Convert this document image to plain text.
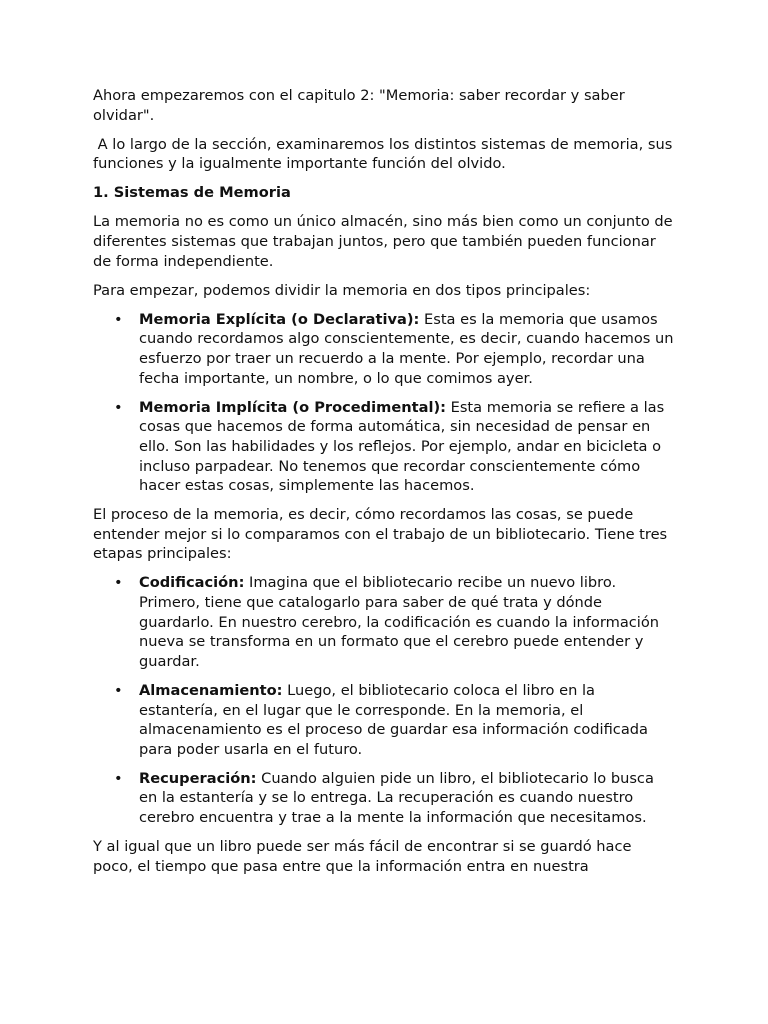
Ahora empezaremos con el capitulo 2: "Memoria: saber recordar y saber olvidar".

A lo largo de la sección, examinaremos los distintos sistemas de memoria, sus funciones y la igualmente importante función del olvido.

1. Sistemas de Memoria

La memoria no es como un único almacén, sino más bien como un conjunto de diferentes sistemas que trabajan juntos, pero que también pueden funcionar de forma independiente.

Para empezar, podemos dividir la memoria en dos tipos principales:

• Memoria Explícita (o Declarativa): Esta es la memoria que usamos cuando recordamos algo conscientemente, es decir, cuando hacemos un esfuerzo por traer un recuerdo a la mente. Por ejemplo, recordar una fecha importante, un nombre, o lo que comimos ayer.
• Memoria Implícita (o Procedimental): Esta memoria se refiere a las cosas que hacemos de forma automática, sin necesidad de pensar en ello. Son las habilidades y los reflejos. Por ejemplo, andar en bicicleta o incluso parpadear. No tenemos que recordar conscientemente cómo hacer estas cosas, simplemente las hacemos.

El proceso de la memoria, es decir, cómo recordamos las cosas, se puede entender mejor si lo comparamos con el trabajo de un bibliotecario. Tiene tres etapas principales:

• Codificación: Imagina que el bibliotecario recibe un nuevo libro. Primero, tiene que catalogarlo para saber de qué trata y dónde guardarlo. En nuestro cerebro, la codificación es cuando la información nueva se transforma en un formato que el cerebro puede entender y guardar.
• Almacenamiento: Luego, el bibliotecario coloca el libro en la estantería, en el lugar que le corresponde. En la memoria, el almacenamiento es el proceso de guardar esa información codificada para poder usarla en el futuro.
• Recuperación: Cuando alguien pide un libro, el bibliotecario lo busca en la estantería y se lo entrega. La recuperación es cuando nuestro cerebro encuentra y trae a la mente la información que necesitamos.

Y al igual que un libro puede ser más fácil de encontrar si se guardó hace poco, el tiempo que pasa entre que la información entra en nuestra
